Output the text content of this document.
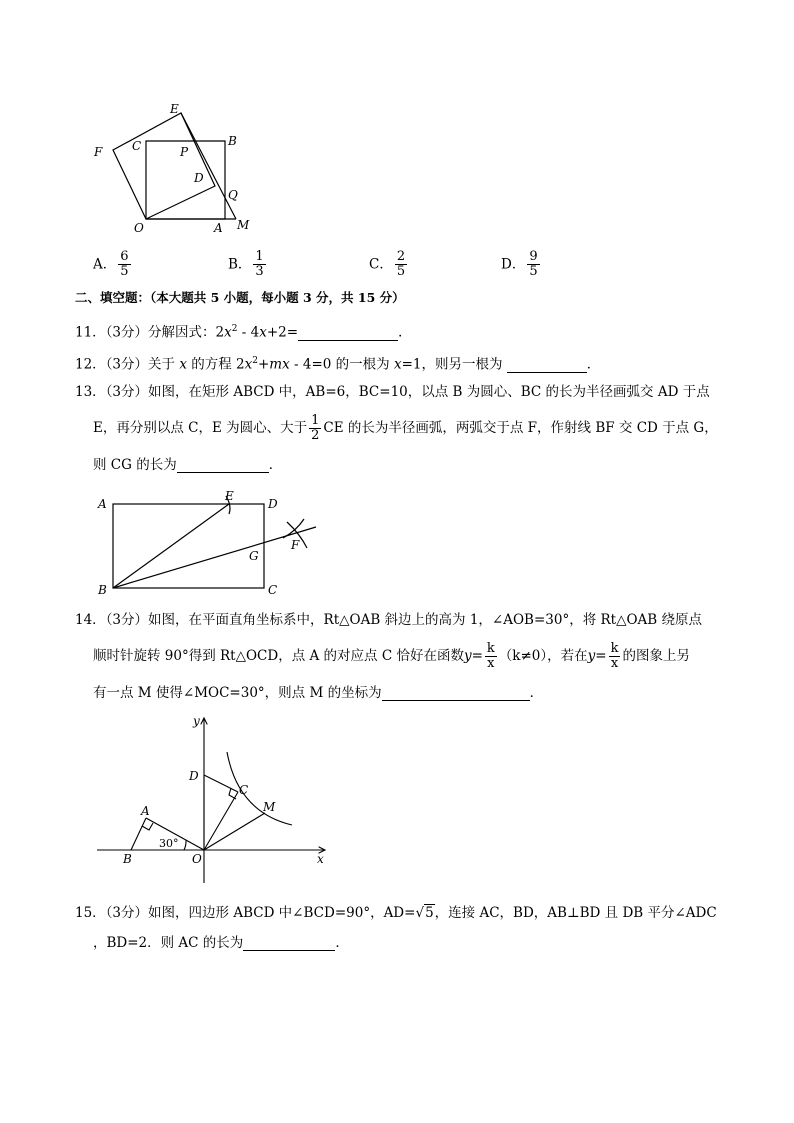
E
F C	P
B
D
Q
O	A M
A． $\frac{6}{5}$	B． $\frac{1}{3}$	C． $\frac{2}{5}$	D． $\frac{9}{5}$
二、填空题：（本大题共 5 小题，每小题 3 分，共 15 分）
11．（3分）分解因式：$2x^2 - 4x+2=$	．
12．（3分）关于 x 的方程 $2x^2+mx - 4=0$ 的一根为 x=1，则另一根为	．
13．（3分）如图，在矩形 ABCD 中，AB=6，BC=10，以点 B 为圆心、BC 的长为半径画弧交 AD 于点
E，再分别以点 C，E 为圆心、大于 $\frac{1}{2}$ CE 的长为半径画弧，两弧交于点 F，作射线 BF 交 CD 于点 G，
则 CG 的长为	．
A
E
D
G
F
B	C
14．（3分）如图，在平面直角坐标系中，Rt△OAB 斜边上的高为 1，∠AOB=30°，将 Rt△OAB 绕原点
顺时针旋转 90°得到 Rt△OCD，点 A 的对应点 C 恰好在函数$y= \frac{k}{x} (k\ne 0)$，若在$y= \frac{k}{x}$ 的图象上另
有一点 M 使得∠MOC=30°，则点 M 的坐标为	．
y
D
C
M
A
B	O	x
30°
15．（3分）如图，四边形 ABCD 中∠BCD=90°，AD=√5，连接 AC，BD，AB⊥BD 且 DB 平分∠ADC
，BD=2．则 AC 的长为	．
